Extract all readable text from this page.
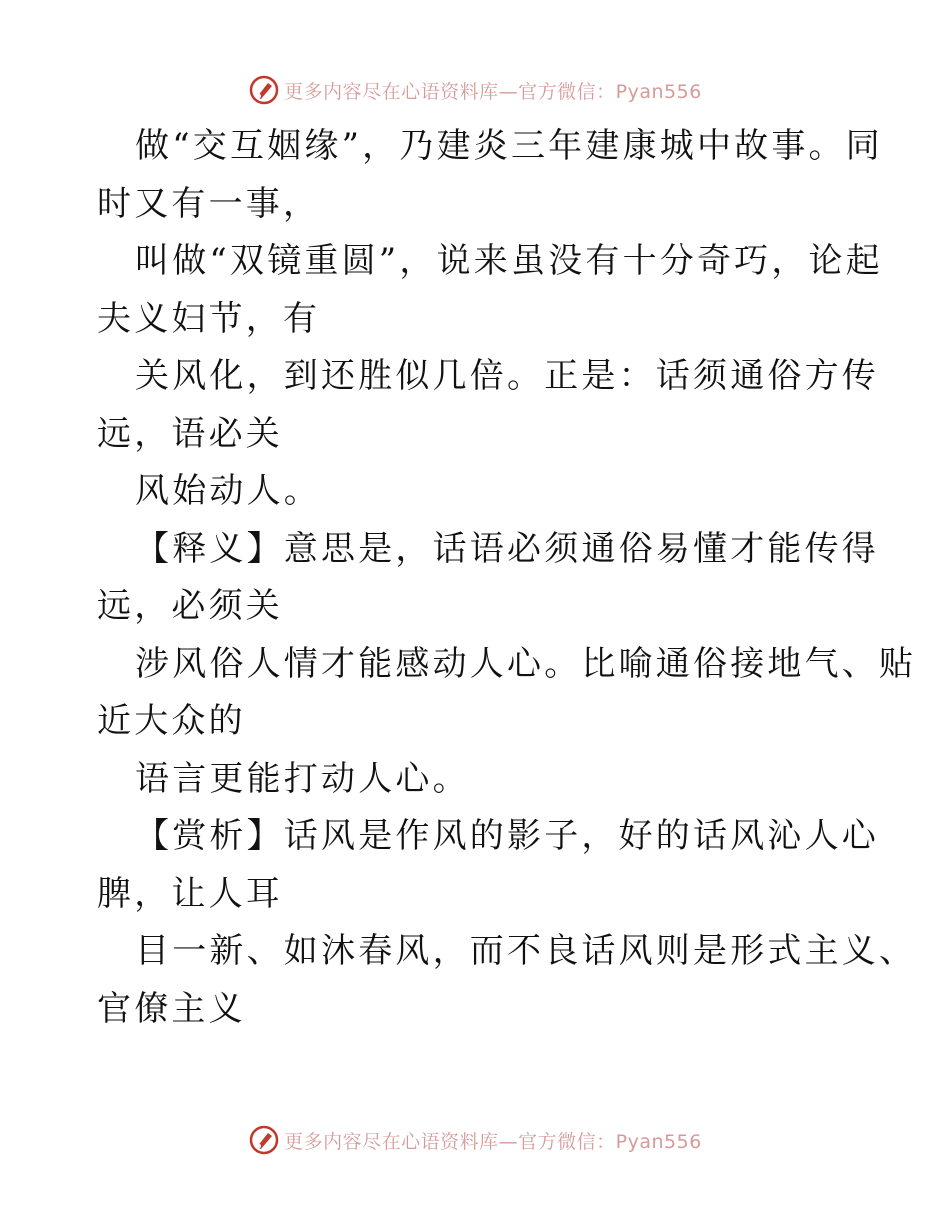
更多内容尽在心语资料库—官方微信：Pyan556
做“交互姻缘”，乃建炎三年建康城中故事。同
时又有一事，
叫做“双镜重圆”，说来虽没有十分奇巧，论起
夫义妇节，有
关风化，到还胜似几倍。正是：话须通俗方传
远，语必关
风始动人。
【释义】意思是，话语必须通俗易懂才能传得
远，必须关
涉风俗人情才能感动人心。比喻通俗接地气、贴
近大众的
语言更能打动人心。
【赏析】话风是作风的影子，好的话风沁人心
脾，让人耳
目一新、如沐春风，而不良话风则是形式主义、
官僚主义
更多内容尽在心语资料库—官方微信：Pyan556
